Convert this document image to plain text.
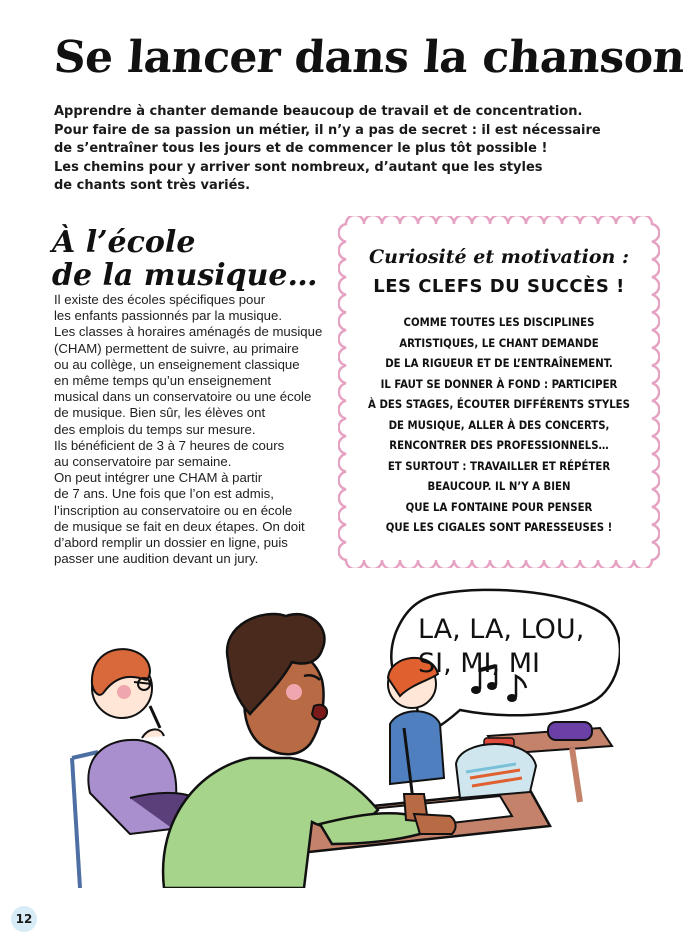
Se lancer dans la chanson
Apprendre à chanter demande beaucoup de travail et de concentration.
Pour faire de sa passion un métier, il n’y a pas de secret : il est nécessaire
de s’entraîner tous les jours et de commencer le plus tôt possible !
Les chemins pour y arriver sont nombreux, d’autant que les styles
de chants sont très variés.
À l’école
de la musique…
Il existe des écoles spécifiques pour
les enfants passionnés par la musique.
Les classes à horaires aménagés de musique
(CHAM) permettent de suivre, au primaire
ou au collège, un enseignement classique
en même temps qu’un enseignement
musical dans un conservatoire ou une école
de musique. Bien sûr, les élèves ont
des emplois du temps sur mesure.
Ils bénéficient de 3 à 7 heures de cours
au conservatoire par semaine.
On peut intégrer une CHAM à partir
de 7 ans. Une fois que l’on est admis,
l’inscription au conservatoire ou en école
de musique se fait en deux étapes. On doit
d’abord remplir un dossier en ligne, puis
passer une audition devant un jury.
Curiosité et motivation :
LES CLEFS DU SUCCÈS !
COMME TOUTES LES DISCIPLINES
ARTISTIQUES, LE CHANT DEMANDE
DE LA RIGUEUR ET DE L’ENTRAÎNEMENT.
IL FAUT SE DONNER À FOND : PARTICIPER
À DES STAGES, ÉCOUTER DIFFÉRENTS STYLES
DE MUSIQUE, ALLER À DES CONCERTS,
RENCONTRER DES PROFESSIONNELS…
ET SURTOUT : TRAVAILLER ET RÉPÉTER
BEAUCOUP. IL N’Y A BIEN
QUE LA FONTAINE POUR PENSER
QUE LES CIGALES SONT PARESSEUSES !
LA, LA, LOU,
SI, MI, MI
12
